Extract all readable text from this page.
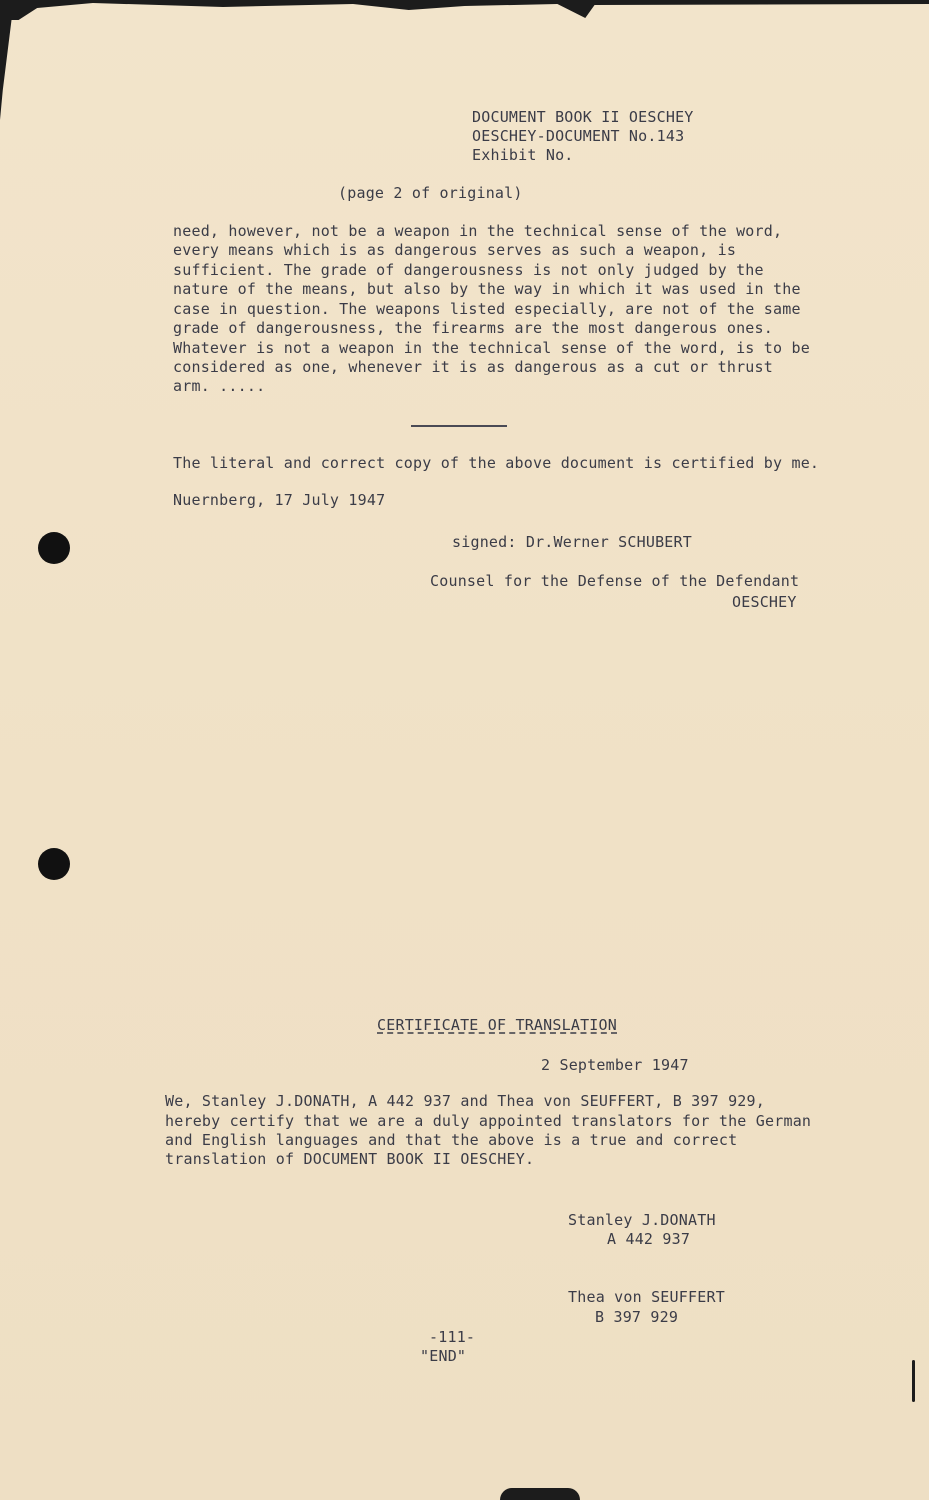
DOCUMENT BOOK II OESCHEY
OESCHEY-DOCUMENT No.143
Exhibit No.
(page 2 of original)
need, however, not be a weapon in the technical sense of the word,
every means which is as dangerous serves as such a weapon, is
sufficient. The grade of dangerousness is not only judged by the
nature of the means, but also by the way in which it was used in the
case in question. The weapons listed especially, are not of the same
grade of dangerousness, the firearms are the most dangerous ones.
Whatever is not a weapon in the technical sense of the word, is to be
considered as one, whenever it is as dangerous as a cut or thrust
arm. .....
The literal and correct copy of the above document is certified by me.
Nuernberg, 17 July 1947
signed: Dr.Werner SCHUBERT
Counsel for the Defense of the Defendant
OESCHEY
CERTIFICATE OF TRANSLATION
2 September 1947
We, Stanley J.DONATH, A 442 937 and Thea von SEUFFERT, B 397 929,
hereby certify that we are a duly appointed translators for the German
and English languages and that the above is a true and correct
translation of DOCUMENT BOOK II OESCHEY.
Stanley J.DONATH
A 442 937
Thea von SEUFFERT
B 397 929
-111-
"END"
